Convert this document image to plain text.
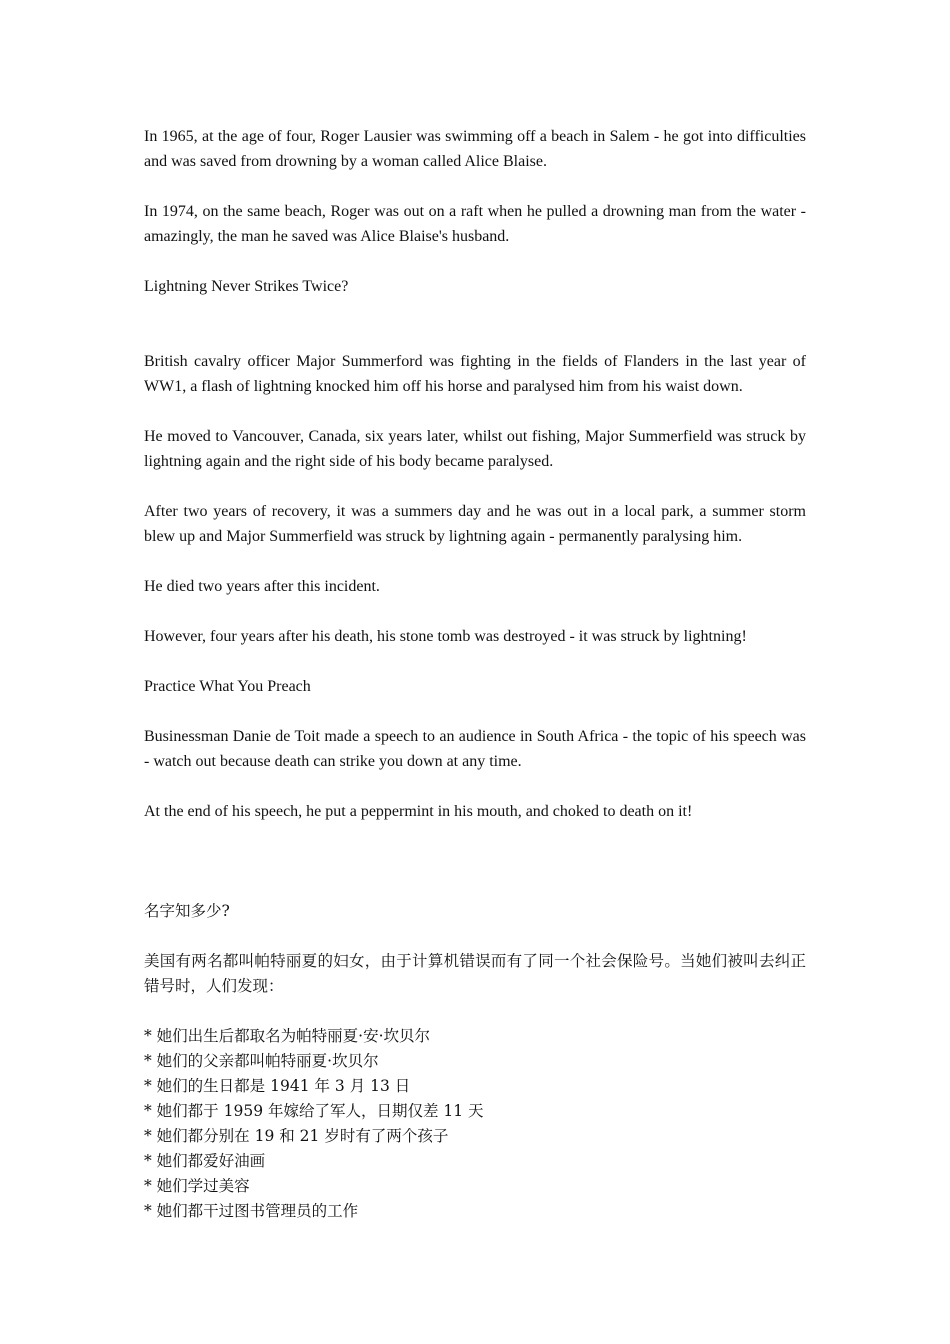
In 1965, at the age of four, Roger Lausier was swimming off a beach in Salem - he got into difficulties and was saved from drowning by a woman called Alice Blaise.

In 1974, on the same beach, Roger was out on a raft when he pulled a drowning man from the water - amazingly, the man he saved was Alice Blaise's husband.

Lightning Never Strikes Twice?

British cavalry officer Major Summerford was fighting in the fields of Flanders in the last year of WW1, a flash of lightning knocked him off his horse and paralysed him from his waist down.

He moved to Vancouver, Canada, six years later, whilst out fishing, Major Summerfield was struck by lightning again and the right side of his body became paralysed.

After two years of recovery, it was a summers day and he was out in a local park, a summer storm blew up and Major Summerfield was struck by lightning again - permanently paralysing him.

He died two years after this incident.

However, four years after his death, his stone tomb was destroyed - it was struck by lightning!

Practice What You Preach

Businessman Danie de Toit made a speech to an audience in South Africa - the topic of his speech was - watch out because death can strike you down at any time.

At the end of his speech, he put a peppermint in his mouth, and choked to death on it!

名字知多少?

美国有两名都叫帕特丽夏的妇女，由于计算机错误而有了同一个社会保险号。当她们被叫去纠正错号时，人们发现：

* 她们出生后都取名为帕特丽夏·安·坎贝尔
* 她们的父亲都叫帕特丽夏·坎贝尔
* 她们的生日都是 1941 年 3 月 13 日
* 她们都于 1959 年嫁给了军人，日期仅差 11 天
* 她们都分别在 19 和 21 岁时有了两个孩子
* 她们都爱好油画
* 她们学过美容
* 她们都干过图书管理员的工作
